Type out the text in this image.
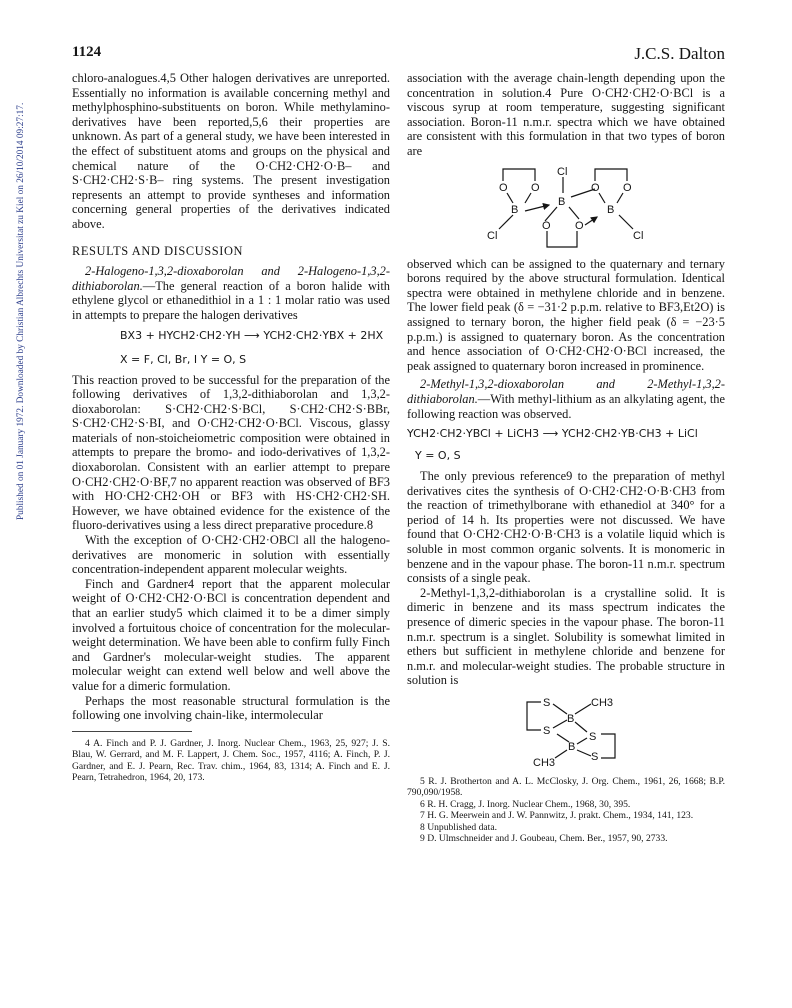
1124	J.C.S. Dalton
Published on 01 January 1972. Downloaded by Christian Albrechts Universitat zu Kiel on 26/10/2014 09:27:17.

chloro-analogues.4,5 Other halogen derivatives are unreported. Essentially no information is available concerning methyl and methylphosphino-substituents on boron. While methylamino-derivatives have been reported,5,6 their properties are unknown. As part of a general study, we have been interested in the effect of substituent atoms and groups on the physical and chemical nature of the O·CH2·CH2·O·B– and S·CH2·CH2·S·B– ring systems. The present investigation represents an attempt to provide syntheses and information concerning general properties of the derivatives indicated above.

RESULTS AND DISCUSSION

2-Halogeno-1,3,2-dioxaborolan and 2-Halogeno-1,3,2-dithiaborolan.—The general reaction of a boron halide with ethylene glycol or ethanedithiol in a 1 : 1 molar ratio was used in attempts to prepare the halogen derivatives

BX3 + HYCH2·CH2·YH ⟶ YCH2·CH2·YBX + 2HX
X = F, Cl, Br, I Y = O, S

This reaction proved to be successful for the preparation of the following derivatives of 1,3,2-dithiaborolan and 1,3,2-dioxaborolan: S·CH2·CH2·S·BCl, S·CH2·CH2·S·BBr, S·CH2·CH2·S·BI, and O·CH2·CH2·O·BCl. Viscous, glassy materials of non-stoicheiometric composition were obtained in attempts to prepare the bromo- and iodo-derivatives of 1,3,2-dioxaborolan. Consistent with an earlier attempt to prepare O·CH2·CH2·O·BF,7 no apparent reaction was observed of BF3 with HO·CH2·CH2·OH or BF3 with HS·CH2·CH2·SH. However, we have obtained evidence for the existence of the fluoro-derivatives using a less direct preparative procedure.8

With the exception of O·CH2·CH2·OBCl all the halogeno-derivatives are monomeric in solution with essentially concentration-independent apparent molecular weights.

Finch and Gardner4 report that the apparent molecular weight of O·CH2·CH2·O·BCl is concentration dependent and that an earlier study5 which claimed it to be a dimer simply involved a fortuitous choice of concentration for the molecular-weight determination. We have been able to confirm fully Finch and Gardner's molecular-weight studies. The apparent molecular weight can extend well below and well above the value for a dimeric formulation.

Perhaps the most reasonable structural formulation is the following one involving chain-like, intermolecular

4 A. Finch and P. J. Gardner, J. Inorg. Nuclear Chem., 1963, 25, 927; J. S. Blau, W. Gerrard, and M. F. Lappert, J. Chem. Soc., 1957, 4116; A. Finch, P. J. Gardner, and E. J. Pearn, Rec. Trav. chim., 1964, 83, 1314; A. Finch and E. J. Pearn, Tetrahedron, 1964, 20, 173.

association with the average chain-length depending upon the concentration in solution.4 Pure O·CH2·CH2·O·BCl is a viscous syrup at room temperature, suggesting significant association. Boron-11 n.m.r. spectra which we have obtained are consistent with this formulation in that two types of boron are

O O
B
Cl
Cl
B
O O
O O
B
Cl

observed which can be assigned to the quaternary and ternary borons required by the above structural formulation. Identical spectra were obtained in methylene chloride and in benzene. The lower field peak (δ = −31·2 p.p.m. relative to BF3,Et2O) is assigned to ternary boron, the higher field peak (δ = −23·5 p.p.m.) is assigned to quaternary boron. As the concentration and hence association of O·CH2·CH2·O·BCl increased, the peak assigned to quaternary boron increased in prominence.

2-Methyl-1,3,2-dioxaborolan and 2-Methyl-1,3,2-dithiaborolan.—With methyl-lithium as an alkylating agent, the following reaction was observed.

YCH2·CH2·YBCl + LiCH3 ⟶ YCH2·CH2·YB·CH3 + LiCl
Y = O, S

The only previous reference9 to the preparation of methyl derivatives cites the synthesis of O·CH2·CH2·O·B·CH3 from the reaction of trimethylborane with ethanediol at 340° for a period of 14 h. Its properties were not discussed. We have found that O·CH2·CH2·O·B·CH3 is a volatile liquid which is soluble in most common organic solvents. It is monomeric in benzene and in the vapour phase. The boron-11 n.m.r. spectrum consists of a single peak.

2-Methyl-1,3,2-dithiaborolan is a crystalline solid. It is dimeric in benzene and its mass spectrum indicates the presence of dimeric species in the vapour phase. The boron-11 n.m.r. spectrum is a singlet. Solubility is somewhat limited in ethers but sufficient in methylene chloride and benzene for n.m.r. and molecular-weight studies. The probable structure in solution is

S
S
B
CH3
S
B
S
CH3

5 R. J. Brotherton and A. L. McClosky, J. Org. Chem., 1961, 26, 1668; B.P. 790,090/1958.

6 R. H. Cragg, J. Inorg. Nuclear Chem., 1968, 30, 395.

7 H. G. Meerwein and J. W. Pannwitz, J. prakt. Chem., 1934, 141, 123.

8 Unpublished data.

9 D. Ulmschneider and J. Goubeau, Chem. Ber., 1957, 90, 2733.
